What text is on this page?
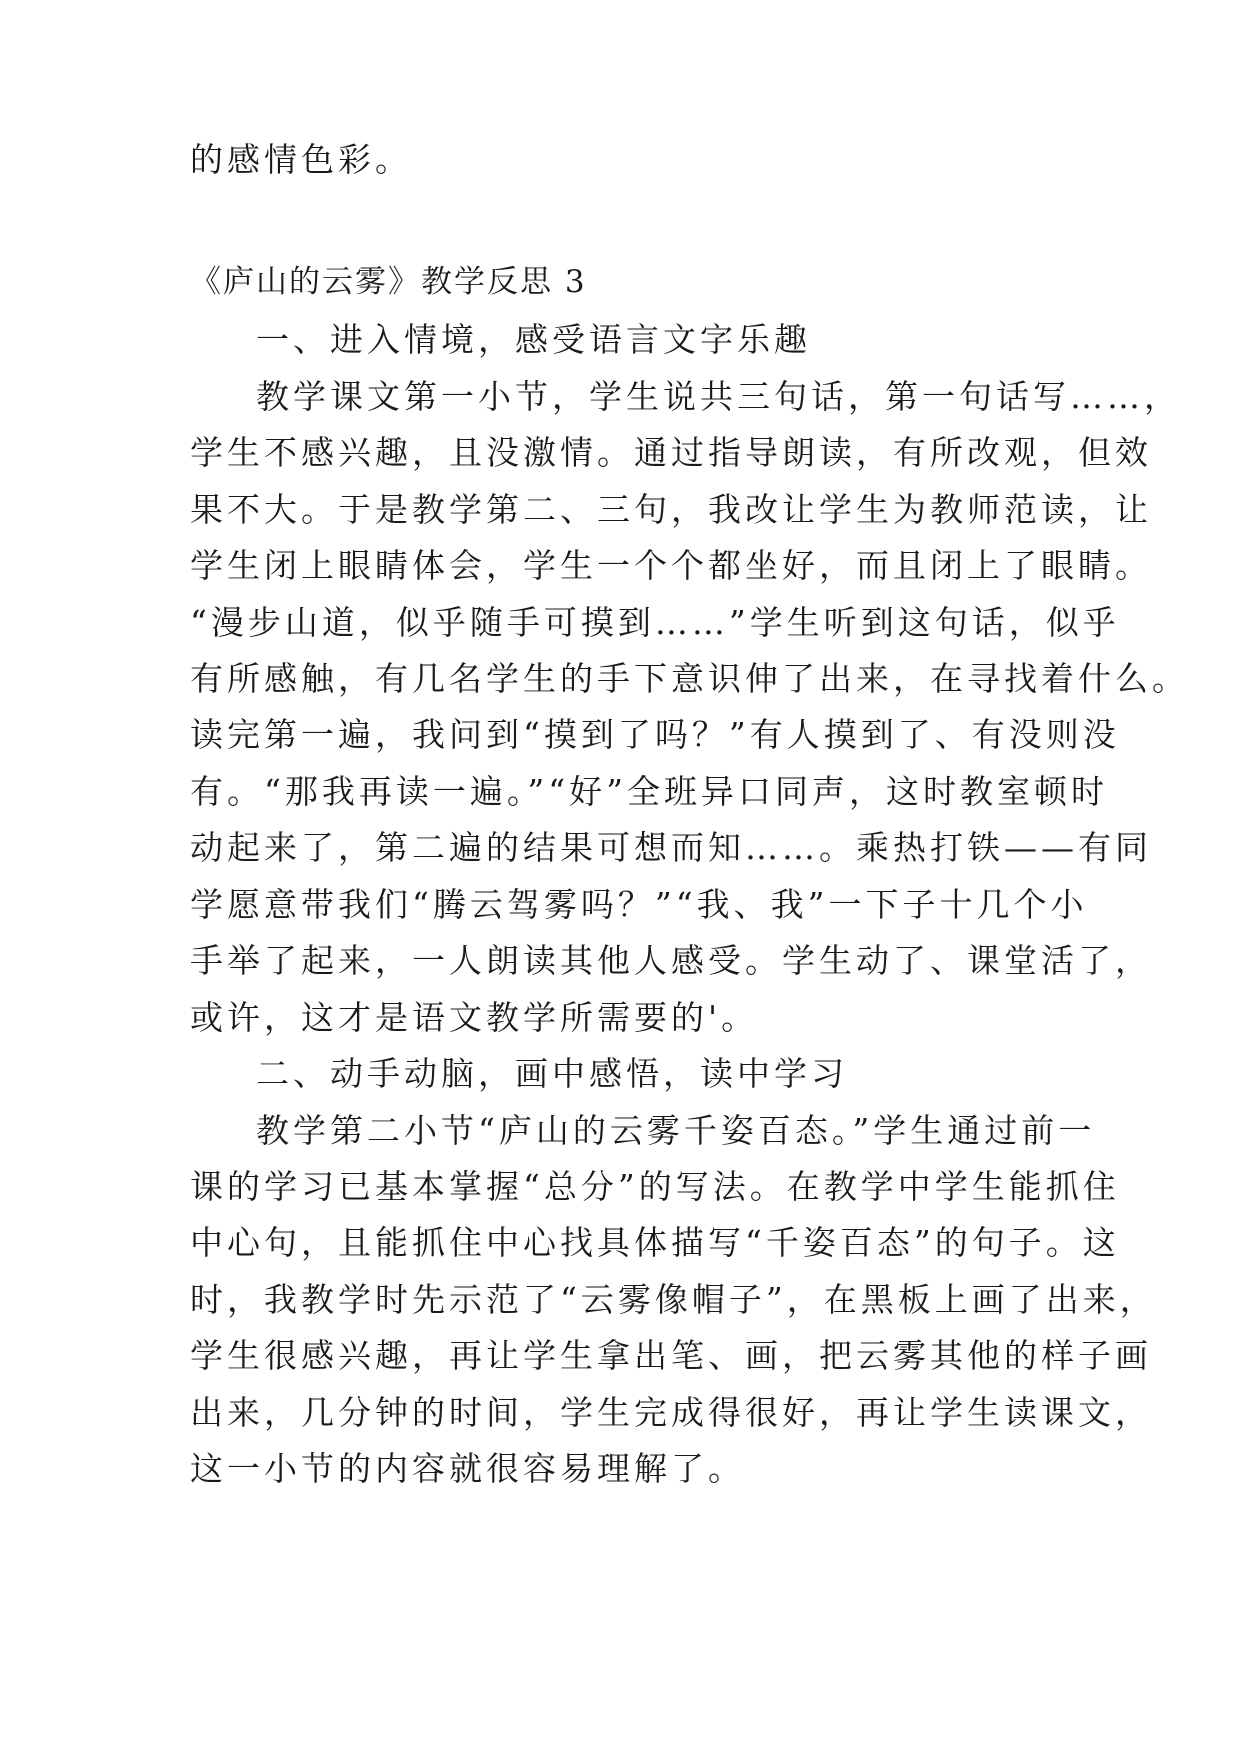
的感情色彩。
《庐山的云雾》教学反思 3
一、进入情境，感受语言文字乐趣
教学课文第一小节，学生说共三句话，第一句话写……，
学生不感兴趣，且没激情。通过指导朗读，有所改观，但效
果不大。于是教学第二、三句，我改让学生为教师范读，让
学生闭上眼睛体会，学生一个个都坐好，而且闭上了眼睛。
“漫步山道，似乎随手可摸到……”学生听到这句话，似乎
有所感触，有几名学生的手下意识伸了出来，在寻找着什么。
读完第一遍，我问到“摸到了吗？”有人摸到了、有没则没
有。“那我再读一遍。”“好”全班异口同声，这时教室顿时
动起来了，第二遍的结果可想而知……。乘热打铁——有同
学愿意带我们“腾云驾雾吗？”“我、我”一下子十几个小
手举了起来，一人朗读其他人感受。学生动了、课堂活了，
或许，这才是语文教学所需要的'。
二、动手动脑，画中感悟，读中学习
教学第二小节“庐山的云雾千姿百态。”学生通过前一
课的学习已基本掌握“总分”的写法。在教学中学生能抓住
中心句，且能抓住中心找具体描写“千姿百态”的句子。这
时，我教学时先示范了“云雾像帽子”，在黑板上画了出来，
学生很感兴趣，再让学生拿出笔、画，把云雾其他的样子画
出来，几分钟的时间，学生完成得很好，再让学生读课文，
这一小节的内容就很容易理解了。
